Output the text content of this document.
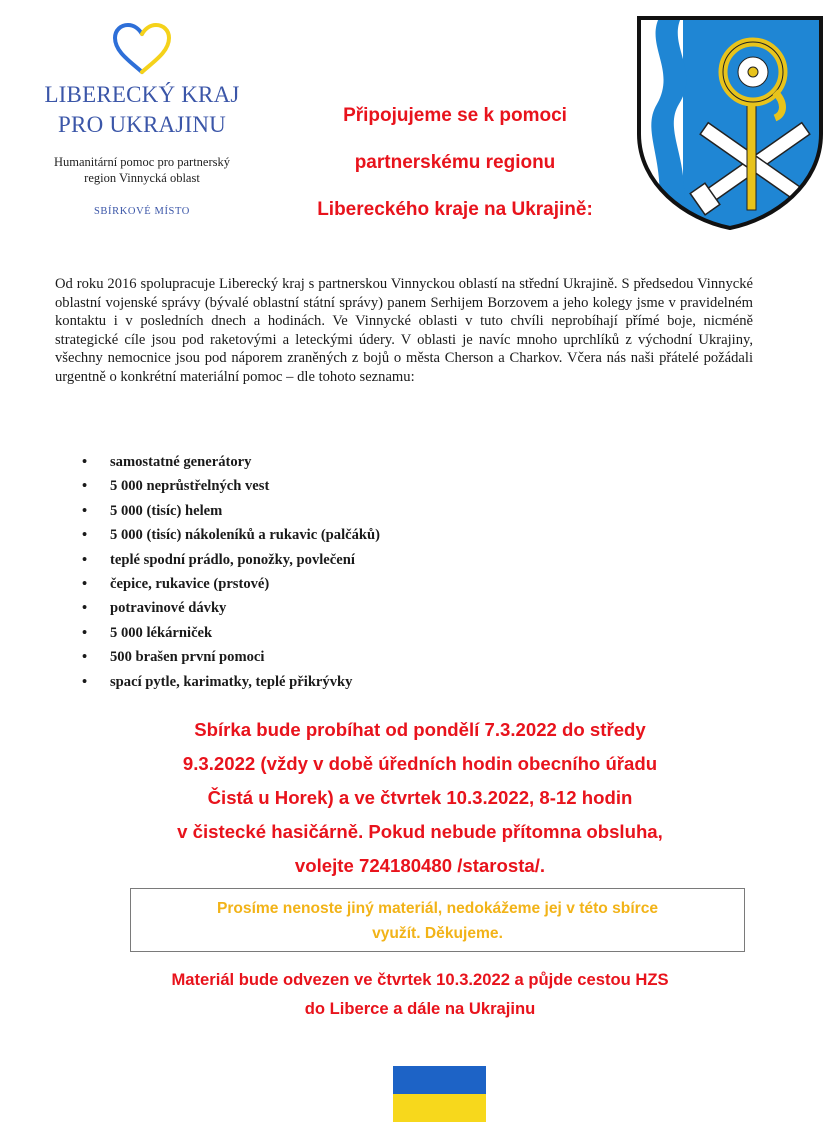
LIBERECKÝ KRAJ
PRO UKRAJINU
Humanitární pomoc pro partnerský
region Vinnycká oblast
SBÍRKOVÉ MÍSTO
Připojujeme se k pomoci
partnerskému regionu
Libereckého kraje na Ukrajině:
Od roku 2016 spolupracuje Liberecký kraj s partnerskou Vinnyckou oblastí na střední Ukrajině. S předsedou Vinnycké oblastní vojenské správy (bývalé oblastní státní správy) panem Serhijem Borzovem a jeho kolegy jsme v pravidelném kontaktu i v posledních dnech a hodinách. Ve Vinnycké oblasti v tuto chvíli neprobíhají přímé boje, nicméně strategické cíle jsou pod raketovými a leteckými údery. V oblasti je navíc mnoho uprchlíků z východní Ukrajiny, všechny nemocnice jsou pod náporem zraněných z bojů o města Cherson a Charkov. Včera nás naši přátelé požádali urgentně o konkrétní materiální pomoc – dle tohoto seznamu:
• samostatné generátory
• 5 000 neprůstřelných vest
• 5 000 (tisíc) helem
• 5 000 (tisíc) nákoleníků a rukavic (palčáků)
• teplé spodní prádlo, ponožky, povlečení
• čepice, rukavice (prstové)
• potravinové dávky
• 5 000 lékárniček
• 500 brašen první pomoci
• spací pytle, karimatky, teplé přikrývky
Sbírka bude probíhat od pondělí 7.3.2022 do středy
9.3.2022 (vždy v době úředních hodin obecního úřadu
Čistá u Horek) a ve čtvrtek 10.3.2022, 8-12 hodin
v čistecké hasičárně. Pokud nebude přítomna obsluha,
volejte 724180480 /starosta/.
Prosíme nenoste jiný materiál, nedokážeme jej v této sbírce
využít. Děkujeme.
Materiál bude odvezen ve čtvrtek 10.3.2022 a půjde cestou HZS
do Liberce a dále na Ukrajinu
